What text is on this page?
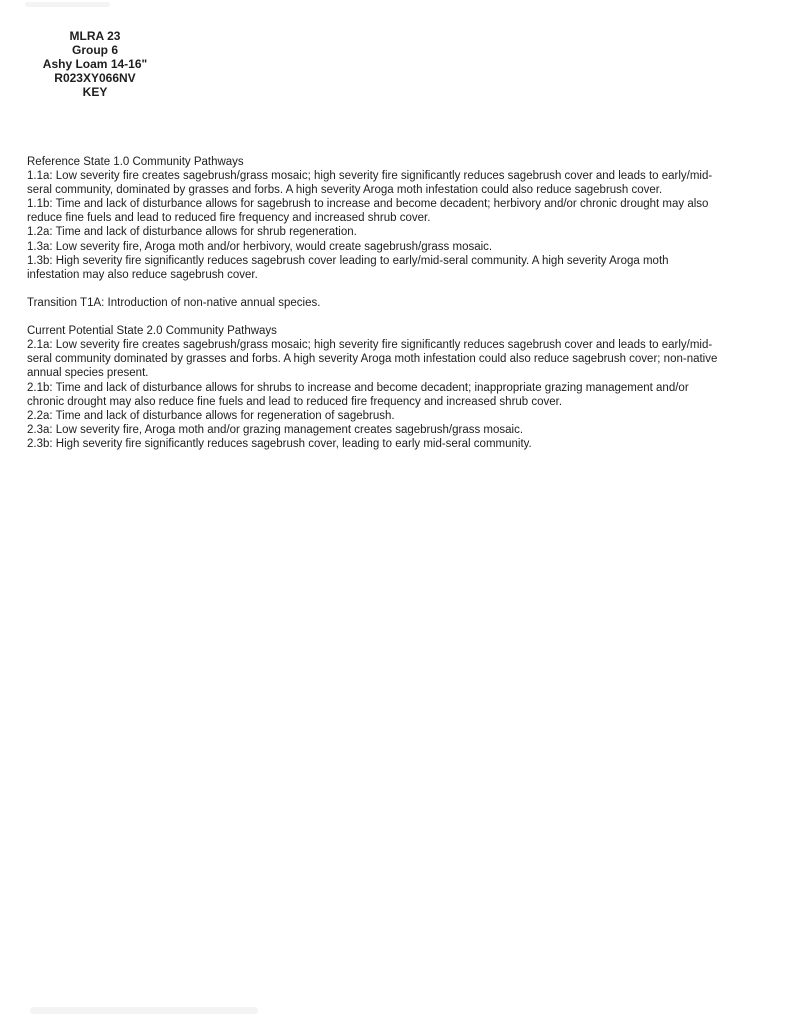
MLRA 23
Group 6
Ashy Loam 14-16"
R023XY066NV
KEY
Reference State 1.0 Community Pathways
1.1a: Low severity fire creates sagebrush/grass mosaic; high severity fire significantly reduces sagebrush cover and leads to early/mid-
seral community, dominated by grasses and forbs. A high severity Aroga moth infestation could also reduce sagebrush cover.
1.1b: Time and lack of disturbance allows for sagebrush to increase and become decadent; herbivory and/or chronic drought may also
reduce fine fuels and lead to reduced fire frequency and increased shrub cover.
1.2a: Time and lack of disturbance allows for shrub regeneration.
1.3a: Low severity fire, Aroga moth and/or herbivory, would create sagebrush/grass mosaic.
1.3b: High severity fire significantly reduces sagebrush cover leading to early/mid-seral community. A high severity Aroga moth
infestation may also reduce sagebrush cover.
Transition T1A: Introduction of non-native annual species.
Current Potential State 2.0 Community Pathways
2.1a: Low severity fire creates sagebrush/grass mosaic; high severity fire significantly reduces sagebrush cover and leads to early/mid-
seral community dominated by grasses and forbs. A high severity Aroga moth infestation could also reduce sagebrush cover; non-native
annual species present.
2.1b: Time and lack of disturbance allows for shrubs to increase and become decadent; inappropriate grazing management and/or
chronic drought may also reduce fine fuels and lead to reduced fire frequency and increased shrub cover.
2.2a: Time and lack of disturbance allows for regeneration of sagebrush.
2.3a: Low severity fire, Aroga moth and/or grazing management creates sagebrush/grass mosaic.
2.3b: High severity fire significantly reduces sagebrush cover, leading to early mid-seral community.
